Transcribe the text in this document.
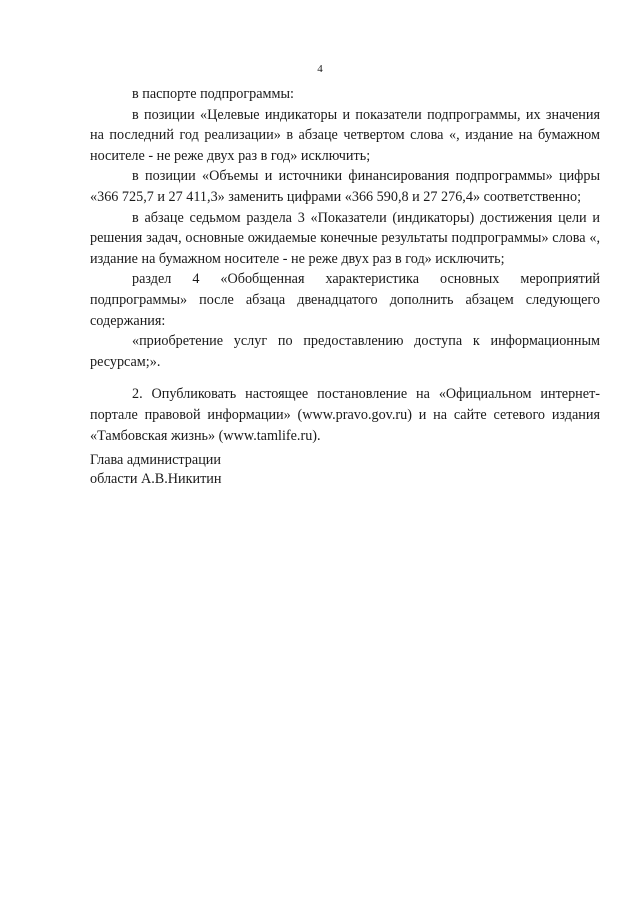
4

в паспорте подпрограммы:

в позиции «Целевые индикаторы и показатели подпрограммы, их значения на последний год реализации» в абзаце четвертом слова «, издание на бумажном носителе - не реже двух раз в год» исключить;

в позиции «Объемы и источники финансирования подпрограммы» цифры «366 725,7 и 27 411,3» заменить цифрами «366 590,8 и 27 276,4» соответственно;

в абзаце седьмом раздела 3 «Показатели (индикаторы) достижения цели и решения задач, основные ожидаемые конечные результаты подпрограммы» слова «, издание на бумажном носителе - не реже двух раз в год» исключить;

раздел 4 «Обобщенная характеристика основных мероприятий подпрограммы» после абзаца двенадцатого дополнить абзацем следующего содержания:

«приобретение услуг по предоставлению доступа к информационным ресурсам;».

2. Опубликовать настоящее постановление на «Официальном интернет-портале правовой информации» (www.pravo.gov.ru) и на сайте сетевого издания «Тамбовская жизнь» (www.tamlife.ru).

Глава администрации
области А.В.Никитин
